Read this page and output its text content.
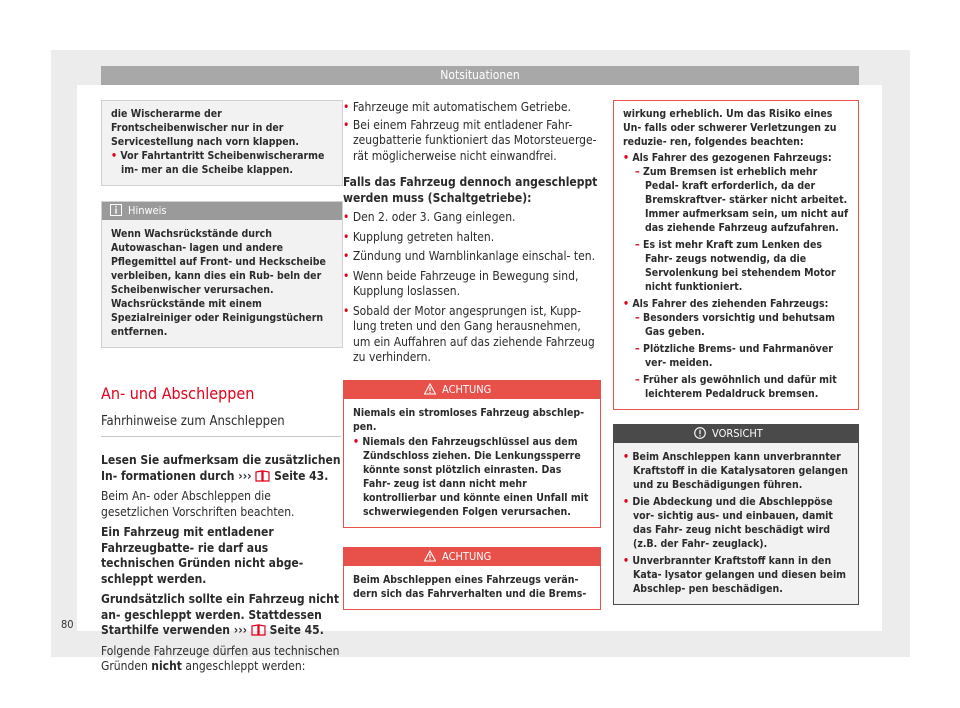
Notsituationen

die Wischerarme der Frontscheibenwischer nur in der Servicestellung nach vorn klappen.

• Vor Fahrtantritt Scheibenwischerarme im- mer an die Scheibe klappen.

Hinweis
Wenn Wachsrückstände durch Autowaschan- lagen und andere Pflegemittel auf Front- und Heckscheibe verbleiben, kann dies ein Rub- beln der Scheibenwischer verursachen. Wachsrückstände mit einem Spezialreiniger oder Reinigungstüchern entfernen.
An- und Abschleppen
Fahrhinweise zum Anschleppen

Lesen Sie aufmerksam die zusätzlichen In- formationen durch ››› Seite 43.

Beim An- oder Abschleppen die gesetzlichen Vorschriften beachten.

Ein Fahrzeug mit entladener Fahrzeugbatte- rie darf aus technischen Gründen nicht abge- schleppt werden.

Grundsätzlich sollte ein Fahrzeug nicht an- geschleppt werden. Stattdessen Starthilfe verwenden ››› Seite 45.

Folgende Fahrzeuge dürfen aus technischen Gründen nicht angeschleppt werden:

• Fahrzeuge mit automatischem Getriebe.

• Bei einem Fahrzeug mit entladener Fahr- zeugbatterie funktioniert das Motorsteuerge- rät möglicherweise nicht einwandfrei.

Falls das Fahrzeug dennoch angeschleppt werden muss (Schaltgetriebe):

• Den 2. oder 3. Gang einlegen.

• Kupplung getreten halten.

• Zündung und Warnblinkanlage einschal- ten.

• Wenn beide Fahrzeuge in Bewegung sind, Kupplung loslassen.

• Sobald der Motor angesprungen ist, Kupp- lung treten und den Gang herausnehmen, um ein Auffahren auf das ziehende Fahrzeug zu verhindern.

ACHTUNG

Niemals ein stromloses Fahrzeug abschlep- pen.

• Niemals den Fahrzeugschlüssel aus dem Zündschloss ziehen. Die Lenkungssperre könnte sonst plötzlich einrasten. Das Fahr- zeug ist dann nicht mehr kontrollierbar und könnte einen Unfall mit schwerwiegenden Folgen verursachen.

ACHTUNG
Beim Abschleppen eines Fahrzeugs verän- dern sich das Fahrverhalten und die Brems-

wirkung erheblich. Um das Risiko eines Un- falls oder schwerer Verletzungen zu reduzie- ren, folgendes beachten:

• Als Fahrer des gezogenen Fahrzeugs:

– Zum Bremsen ist erheblich mehr Pedal- kraft erforderlich, da der Bremskraftver- stärker nicht arbeitet. Immer aufmerksam sein, um nicht auf das ziehende Fahrzeug aufzufahren.

– Es ist mehr Kraft zum Lenken des Fahr- zeugs notwendig, da die Servolenkung bei stehendem Motor nicht funktioniert.

• Als Fahrer des ziehenden Fahrzeugs:

– Besonders vorsichtig und behutsam Gas geben.

– Plötzliche Brems- und Fahrmanöver ver- meiden.

– Früher als gewöhnlich und dafür mit leichterem Pedaldruck bremsen.

VORSICHT

• Beim Anschleppen kann unverbrannter Kraftstoff in die Katalysatoren gelangen und zu Beschädigungen führen.

• Die Abdeckung und die Abschleppöse vor- sichtig aus- und einbauen, damit das Fahr- zeug nicht beschädigt wird (z.B. der Fahr- zeuglack).

• Unverbrannter Kraftstoff kann in den Kata- lysator gelangen und diesen beim Abschlep- pen beschädigen.

80
